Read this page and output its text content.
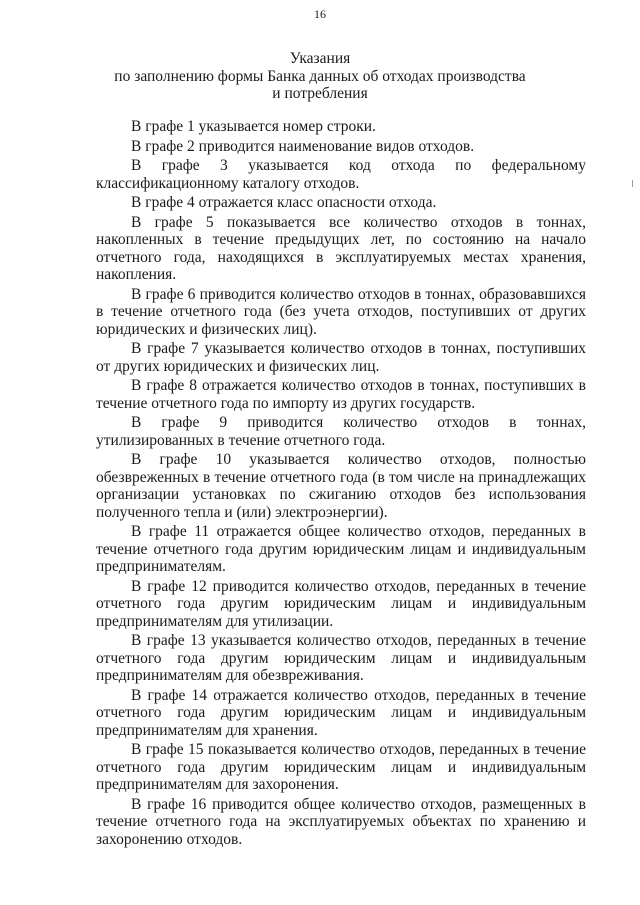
16
Указания
по заполнению формы Банка данных об отходах производства
и потребления

В графе 1 указывается номер строки.

В графе 2 приводится наименование видов отходов.

В графе 3 указывается код отхода по федеральному классификационному каталогу отходов.

В графе 4 отражается класс опасности отхода.

В графе 5 показывается все количество отходов в тоннах, накопленных в течение предыдущих лет, по состоянию на начало отчетного года, находящихся в эксплуатируемых местах хранения, накопления.

В графе 6 приводится количество отходов в тоннах, образовавшихся в течение отчетного года (без учета отходов, поступивших от других юридических и физических лиц).

В графе 7 указывается количество отходов в тоннах, поступивших от других юридических и физических лиц.

В графе 8 отражается количество отходов в тоннах, поступивших в течение отчетного года по импорту из других государств.

В графе 9 приводится количество отходов в тоннах, утилизированных в течение отчетного года.

В графе 10 указывается количество отходов, полностью обезвреженных в течение отчетного года (в том числе на принадлежащих организации установках по сжиганию отходов без использования полученного тепла и (или) электроэнергии).

В графе 11 отражается общее количество отходов, переданных в течение отчетного года другим юридическим лицам и индивидуальным предпринимателям.

В графе 12 приводится количество отходов, переданных в течение отчетного года другим юридическим лицам и индивидуальным предпринимателям для утилизации.

В графе 13 указывается количество отходов, переданных в течение отчетного года другим юридическим лицам и индивидуальным предпринимателям для обезвреживания.

В графе 14 отражается количество отходов, переданных в течение отчетного года другим юридическим лицам и индивидуальным предпринимателям для хранения.

В графе 15 показывается количество отходов, переданных в течение отчетного года другим юридическим лицам и индивидуальным предпринимателям для захоронения.

В графе 16 приводится общее количество отходов, размещенных в течение отчетного года на эксплуатируемых объектах по хранению и захоронению отходов.
